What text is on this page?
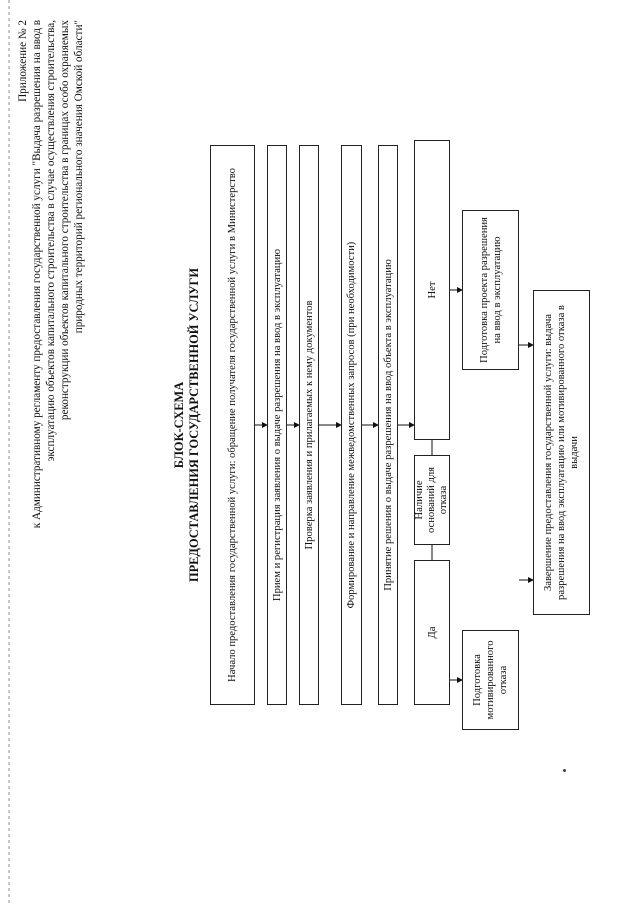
Приложение № 2 к Административному регламенту предоставления государственной услуги "Выдача разрешения на ввод в эксплуатацию объектов капитального строительства в случае осуществления строительства, реконструкции объектов капитального строительства в границах особо охраняемых природных территорий регионального значения Омской области"
БЛОК-СХЕМА ПРЕДОСТАВЛЕНИЯ ГОСУДАРСТВЕННОЙ УСЛУГИ Начало предоставления государственной услуги: обращение получателя государственной услуги в Министерство	Прием и регистрация заявления о выдаче разрешения на ввод в эксплуатацию Проверка заявления и прилагаемых к нему документов	Формирование и направление межведомственных запросов (при необходимости) Принятие решения о выдаче разрешения на ввод объекта в эксплуатацию
Да
Наличие оснований для отказа
Нет
Подготовка мотивированного отказа
Подготовка проекта разрешения на ввод в эксплуатацию
Завершение предоставления государственной услуги: выдача разрешения на ввод эксплуатацию или мотивированного отказа в выдачи
